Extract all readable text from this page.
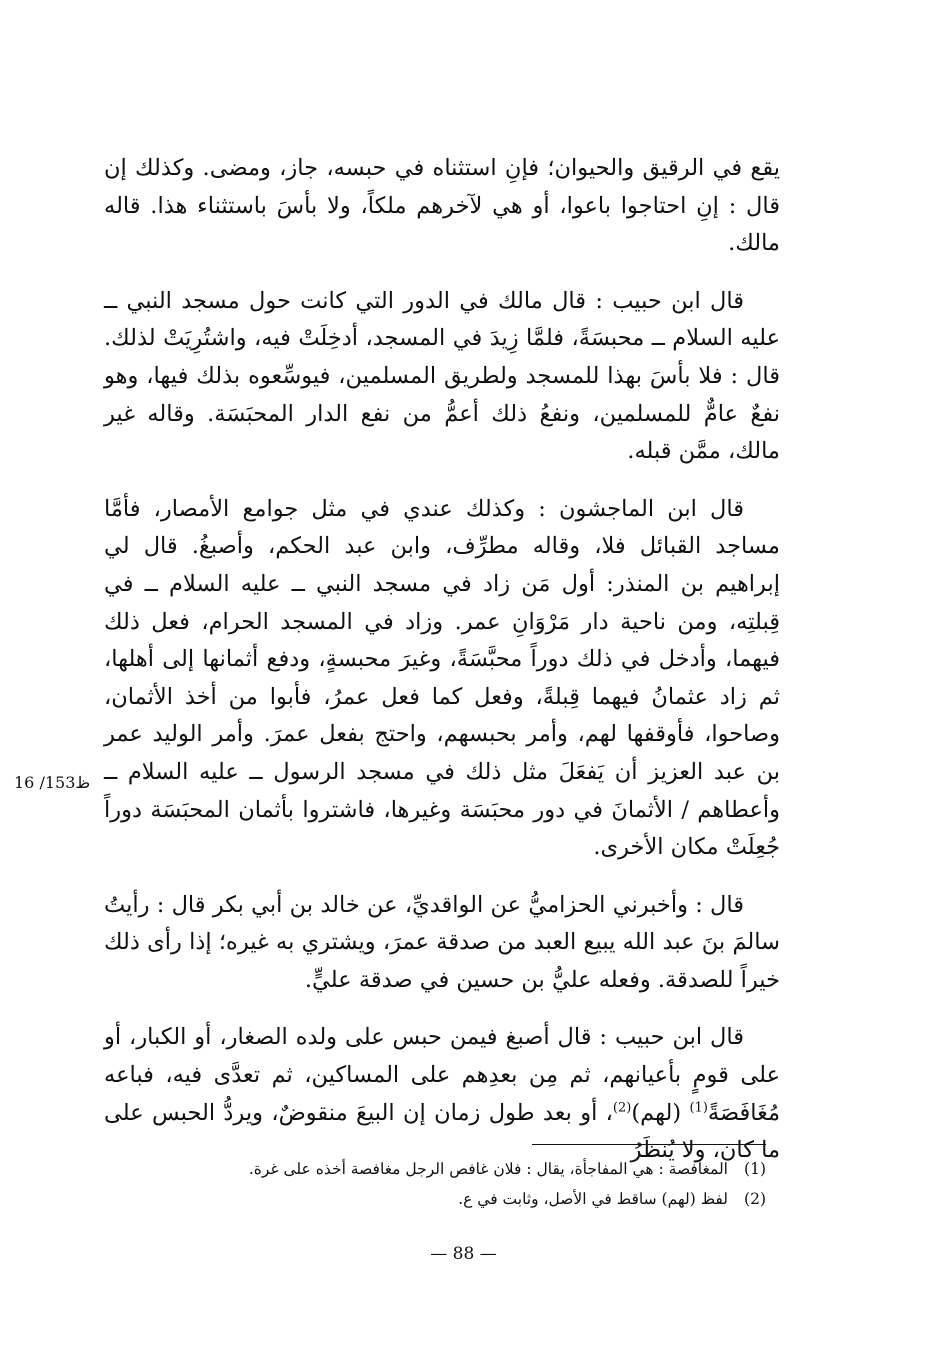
يقع في الرقيق والحيوان؛ فإنِ استثناه في حبسه، جاز، ومضى. وكذلك إن قال : إنِ احتاجوا باعوا، أو هي لآخرهم ملكاً، ولا بأسَ باستثناء هذا. قاله مالك.

قال ابن حبيب : قال مالك في الدور التي كانت حول مسجد النبي ــ عليه السلام ــ محبسَةً، فلمَّا زِيدَ في المسجد، أدخِلَتْ فيه، واشتُرِيَتْ لذلك. قال : فلا بأسَ بهذا للمسجد ولطريق المسلمين، فيوسِّعوه بذلك فيها، وهو نفعٌ عامٌّ للمسلمين، ونفعُ ذلك أعمُّ من نفع الدار المحبَسَة. وقاله غير مالك، ممَّن قبله.

قال ابن الماجشون : وكذلك عندي في مثل جوامع الأمصار، فأمَّا مساجد القبائل فلا، وقاله مطرِّف، وابن عبد الحكم، وأصبغُ. قال لي إبراهيم بن المنذر: أول مَن زاد في مسجد النبي ــ عليه السلام ــ في قِبلتِه، ومن ناحية دار مَرْوَانِ عمر. وزاد في المسجد الحرام، فعل ذلك فيهما، وأدخل في ذلك دوراً محبَّسَةً، وغيرَ محبسةٍ، ودفع أثمانها إلى أهلها، ثم زاد عثمانُ فيهما قِبلةً، وفعل كما فعل عمرُ، فأبوا من أخذ الأثمان، وصاحوا، فأوقفها لهم، وأمر بحبسهم، واحتج بفعل عمرَ. وأمر الوليد عمر بن عبد العزيز أن يَفعَلَ مثل ذلك في مسجد الرسول ــ عليه السلام ــ وأعطاهم / الأثمانَ في دور محبَسَة وغيرها، فاشتروا بأثمان المحبَسَة دوراً جُعِلَتْ مكان الأخرى.

قال : وأخبرني الحزاميُّ عن الواقديِّ، عن خالد بن أبي بكر قال : رأيتُ سالمَ بنَ عبد الله يبيع العبد من صدقة عمرَ، ويشتري به غيره؛ إذا رأى ذلك خيراً للصدقة. وفعله عليُّ بن حسين في صدقة عليٍّ.

قال ابن حبيب : قال أصبغ فيمن حبس على ولده الصغار، أو الكبار، أو على قومٍ بأعيانهم، ثم مِن بعدِهم على المساكين، ثم تعدَّى فيه، فباعه مُغَافَصَةً$^{(1)}$ (لهم)$^{(2)}$، أو بعد طول زمان إن البيعَ منقوضٌ، ويردُّ الحبس على ما كان، ولا يُنظَرُ

16 /153ظ
(1)
المغافصة : هي المفاجأة، يقال : فلان غافص الرجل مغافصة أخذه على غرة.
(2)
لفظ (لهم) ساقط في الأصل، وثابت في ع.
— 88 —
